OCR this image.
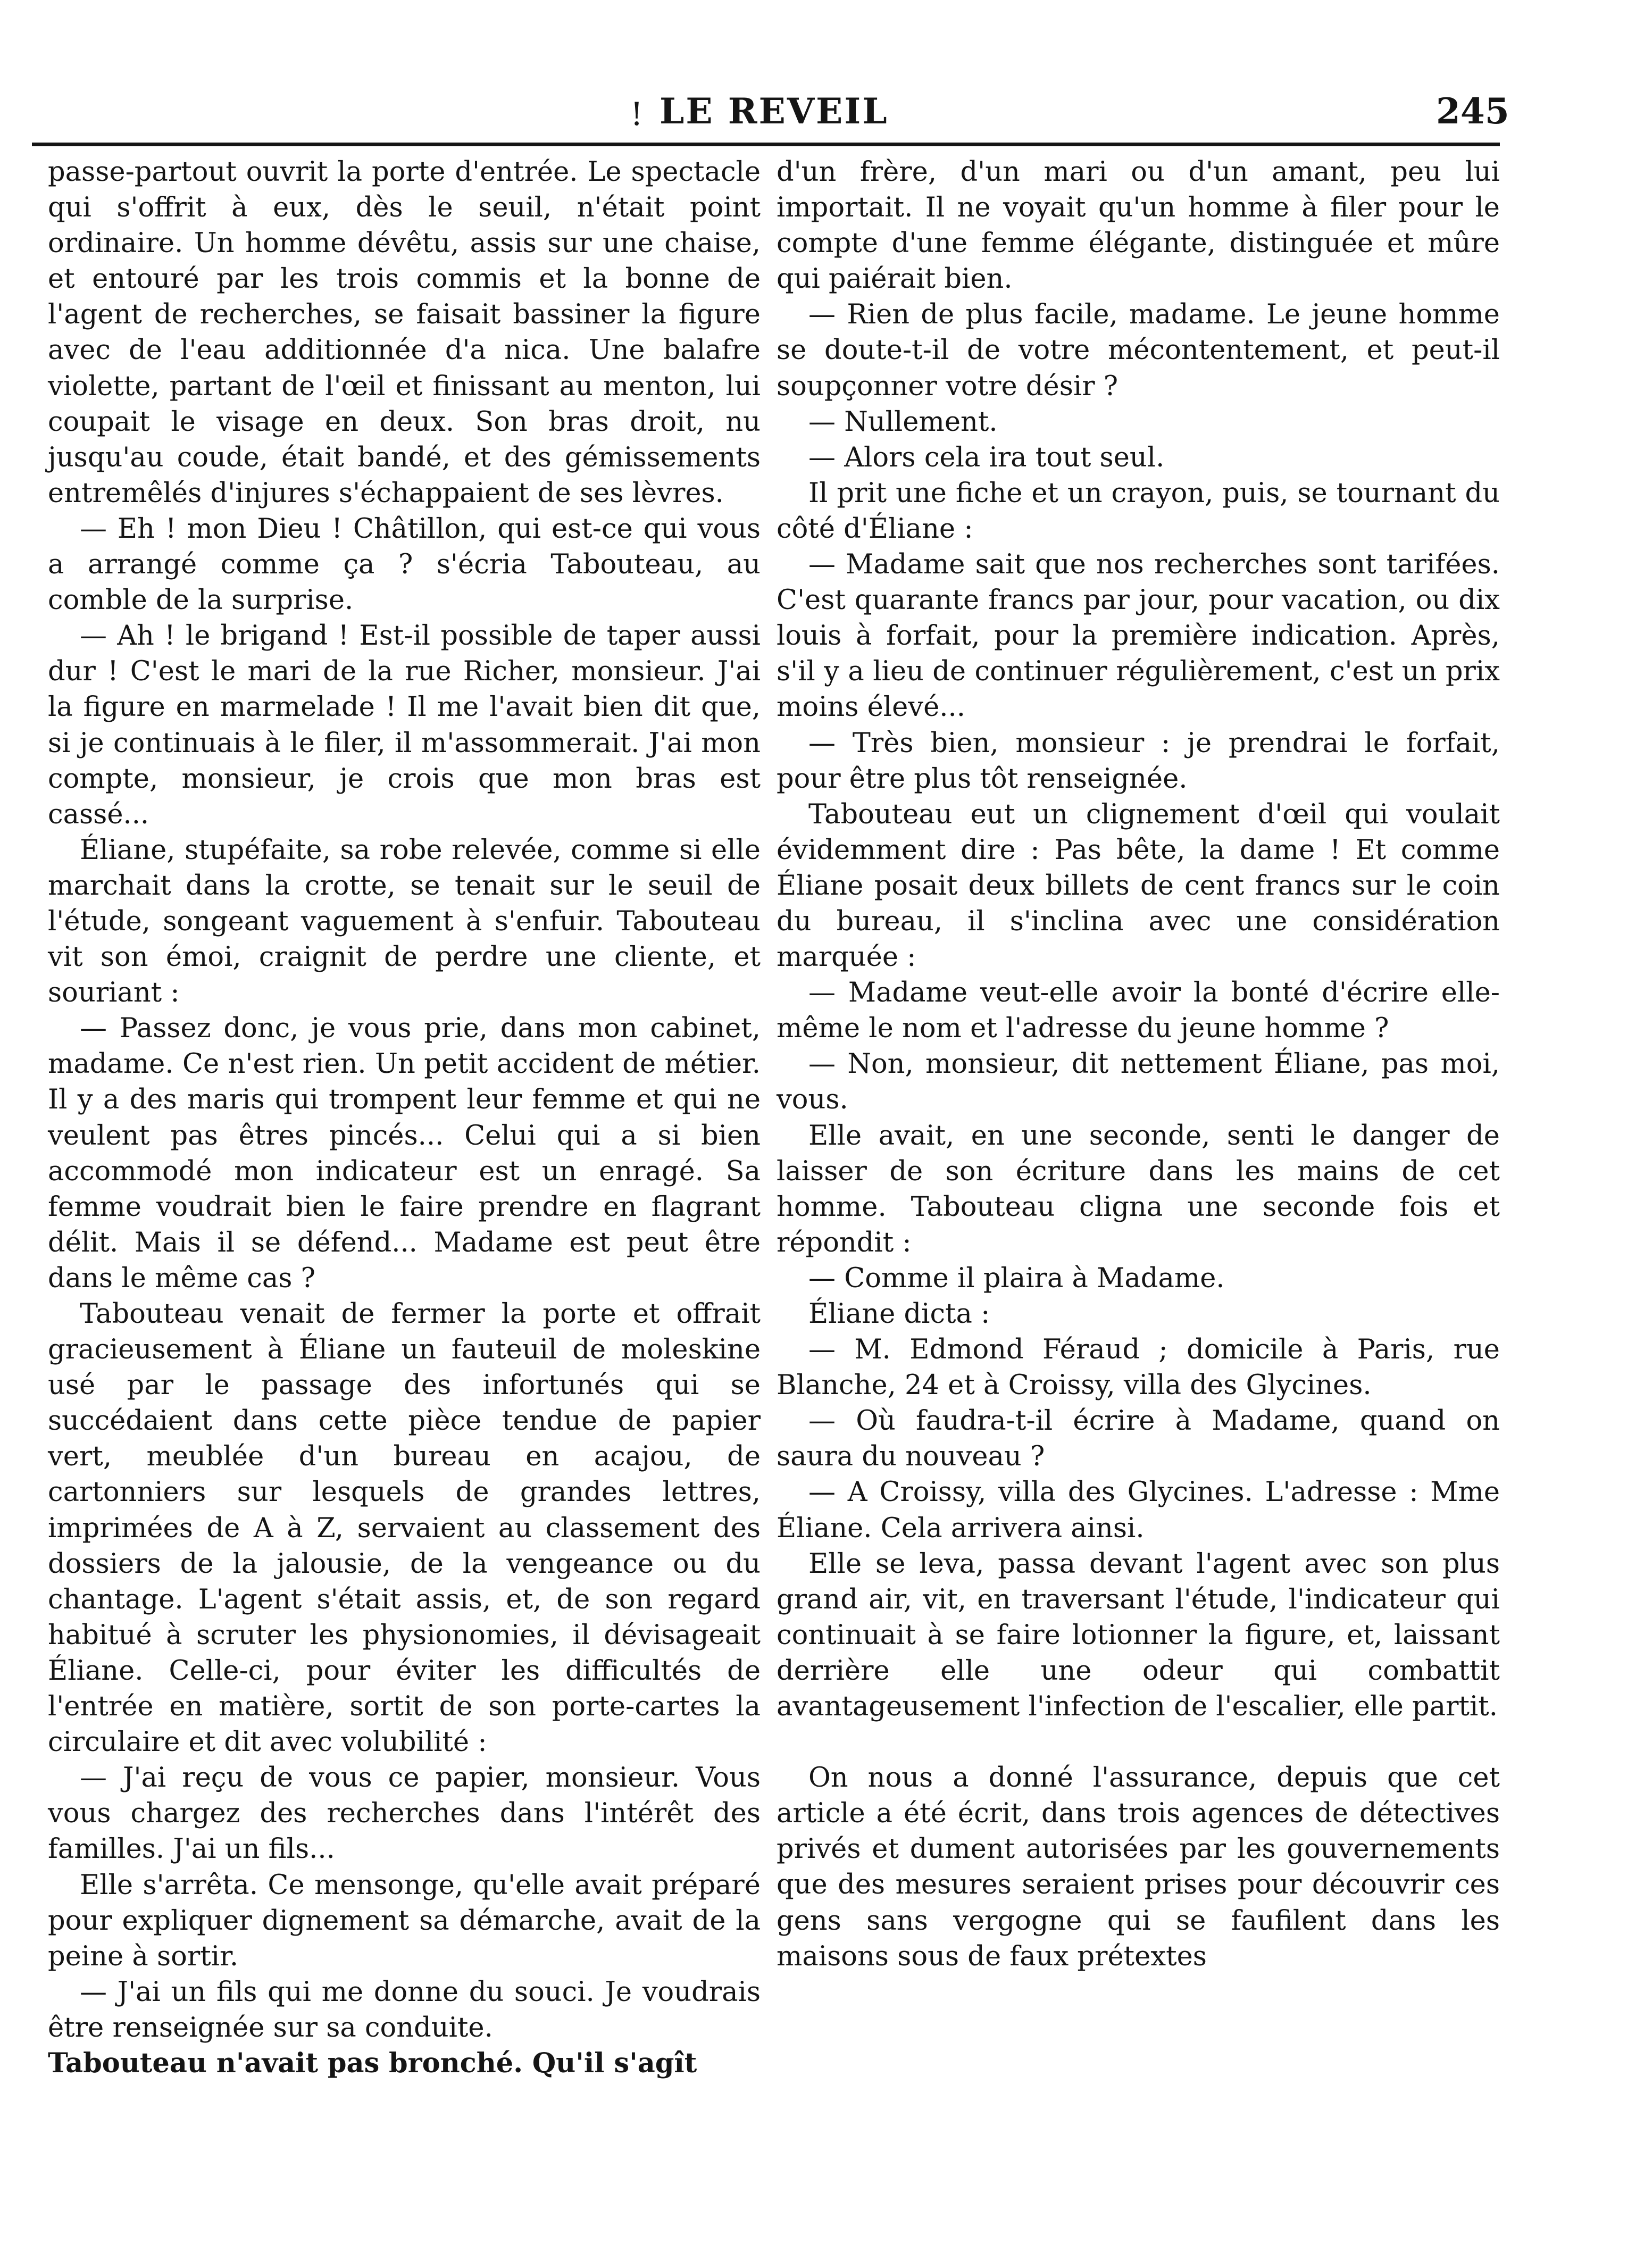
! LE REVEIL	245

passe-partout ouvrit la porte d'entrée. Le spectacle qui s'offrit à eux, dès le seuil, n'était point ordinaire. Un homme dévêtu, assis sur une chaise, et entouré par les trois commis et la bonne de l'agent de recherches, se faisait bassiner la figure avec de l'eau additionnée d'a nica. Une balafre violette, partant de l'œil et finissant au menton, lui coupait le visage en deux. Son bras droit, nu jusqu'au coude, était bandé, et des gémissements entremêlés d'injures s'échappaient de ses lèvres.

— Eh ! mon Dieu ! Châtillon, qui est-ce qui vous a arrangé comme ça ? s'écria Tabouteau, au comble de la surprise.

— Ah ! le brigand ! Est-il possible de taper aussi dur ! C'est le mari de la rue Richer, monsieur. J'ai la figure en marmelade ! Il me l'avait bien dit que, si je continuais à le filer, il m'assommerait. J'ai mon compte, monsieur, je crois que mon bras est cassé...

Éliane, stupéfaite, sa robe relevée, comme si elle marchait dans la crotte, se tenait sur le seuil de l'étude, songeant vaguement à s'enfuir. Tabouteau vit son émoi, craignit de perdre une cliente, et souriant :

— Passez donc, je vous prie, dans mon cabinet, madame. Ce n'est rien. Un petit accident de métier. Il y a des maris qui trompent leur femme et qui ne veulent pas êtres pincés... Celui qui a si bien accommodé mon indicateur est un enragé. Sa femme voudrait bien le faire prendre en flagrant délit. Mais il se défend... Madame est peut être dans le même cas ?

Tabouteau venait de fermer la porte et offrait gracieusement à Éliane un fauteuil de moleskine usé par le passage des infortunés qui se succédaient dans cette pièce tendue de papier vert, meublée d'un bureau en acajou, de cartonniers sur lesquels de grandes lettres, imprimées de A à Z, servaient au classement des dossiers de la jalousie, de la vengeance ou du chantage. L'agent s'était assis, et, de son regard habitué à scruter les physionomies, il dévisageait Éliane. Celle-ci, pour éviter les difficultés de l'entrée en matière, sortit de son porte-cartes la circulaire et dit avec volubilité :

— J'ai reçu de vous ce papier, monsieur. Vous vous chargez des recherches dans l'intérêt des familles. J'ai un fils...

Elle s'arrêta. Ce mensonge, qu'elle avait préparé pour expliquer dignement sa démarche, avait de la peine à sortir.

— J'ai un fils qui me donne du souci. Je voudrais être renseignée sur sa conduite.

Tabouteau n'avait pas bronché. Qu'il s'agît

d'un frère, d'un mari ou d'un amant, peu lui importait. Il ne voyait qu'un homme à filer pour le compte d'une femme élégante, distinguée et mûre qui paiérait bien.

— Rien de plus facile, madame. Le jeune homme se doute-t-il de votre mécontentement, et peut-il soupçonner votre désir ?

— Nullement.

— Alors cela ira tout seul.

Il prit une fiche et un crayon, puis, se tournant du côté d'Éliane :

— Madame sait que nos recherches sont tarifées. C'est quarante francs par jour, pour vacation, ou dix louis à forfait, pour la première indication. Après, s'il y a lieu de continuer régulièrement, c'est un prix moins élevé...

— Très bien, monsieur : je prendrai le forfait, pour être plus tôt renseignée.

Tabouteau eut un clignement d'œil qui voulait évidemment dire : Pas bête, la dame ! Et comme Éliane posait deux billets de cent francs sur le coin du bureau, il s'inclina avec une considération marquée :

— Madame veut-elle avoir la bonté d'écrire elle-même le nom et l'adresse du jeune homme ?

— Non, monsieur, dit nettement Éliane, pas moi, vous.

Elle avait, en une seconde, senti le danger de laisser de son écriture dans les mains de cet homme. Tabouteau cligna une seconde fois et répondit :

— Comme il plaira à Madame.

Éliane dicta :

— M. Edmond Féraud ; domicile à Paris, rue Blanche, 24 et à Croissy, villa des Glycines.

— Où faudra-t-il écrire à Madame, quand on saura du nouveau ?

— A Croissy, villa des Glycines. L'adresse : Mme Éliane. Cela arrivera ainsi.

Elle se leva, passa devant l'agent avec son plus grand air, vit, en traversant l'étude, l'indicateur qui continuait à se faire lotionner la figure, et, laissant derrière elle une odeur qui combattit avantageusement l'infection de l'escalier, elle partit.

On nous a donné l'assurance, depuis que cet article a été écrit, dans trois agences de détectives privés et dument autorisées par les gouvernements que des mesures seraient prises pour découvrir ces gens sans vergogne qui se faufilent dans les maisons sous de faux prétextes
